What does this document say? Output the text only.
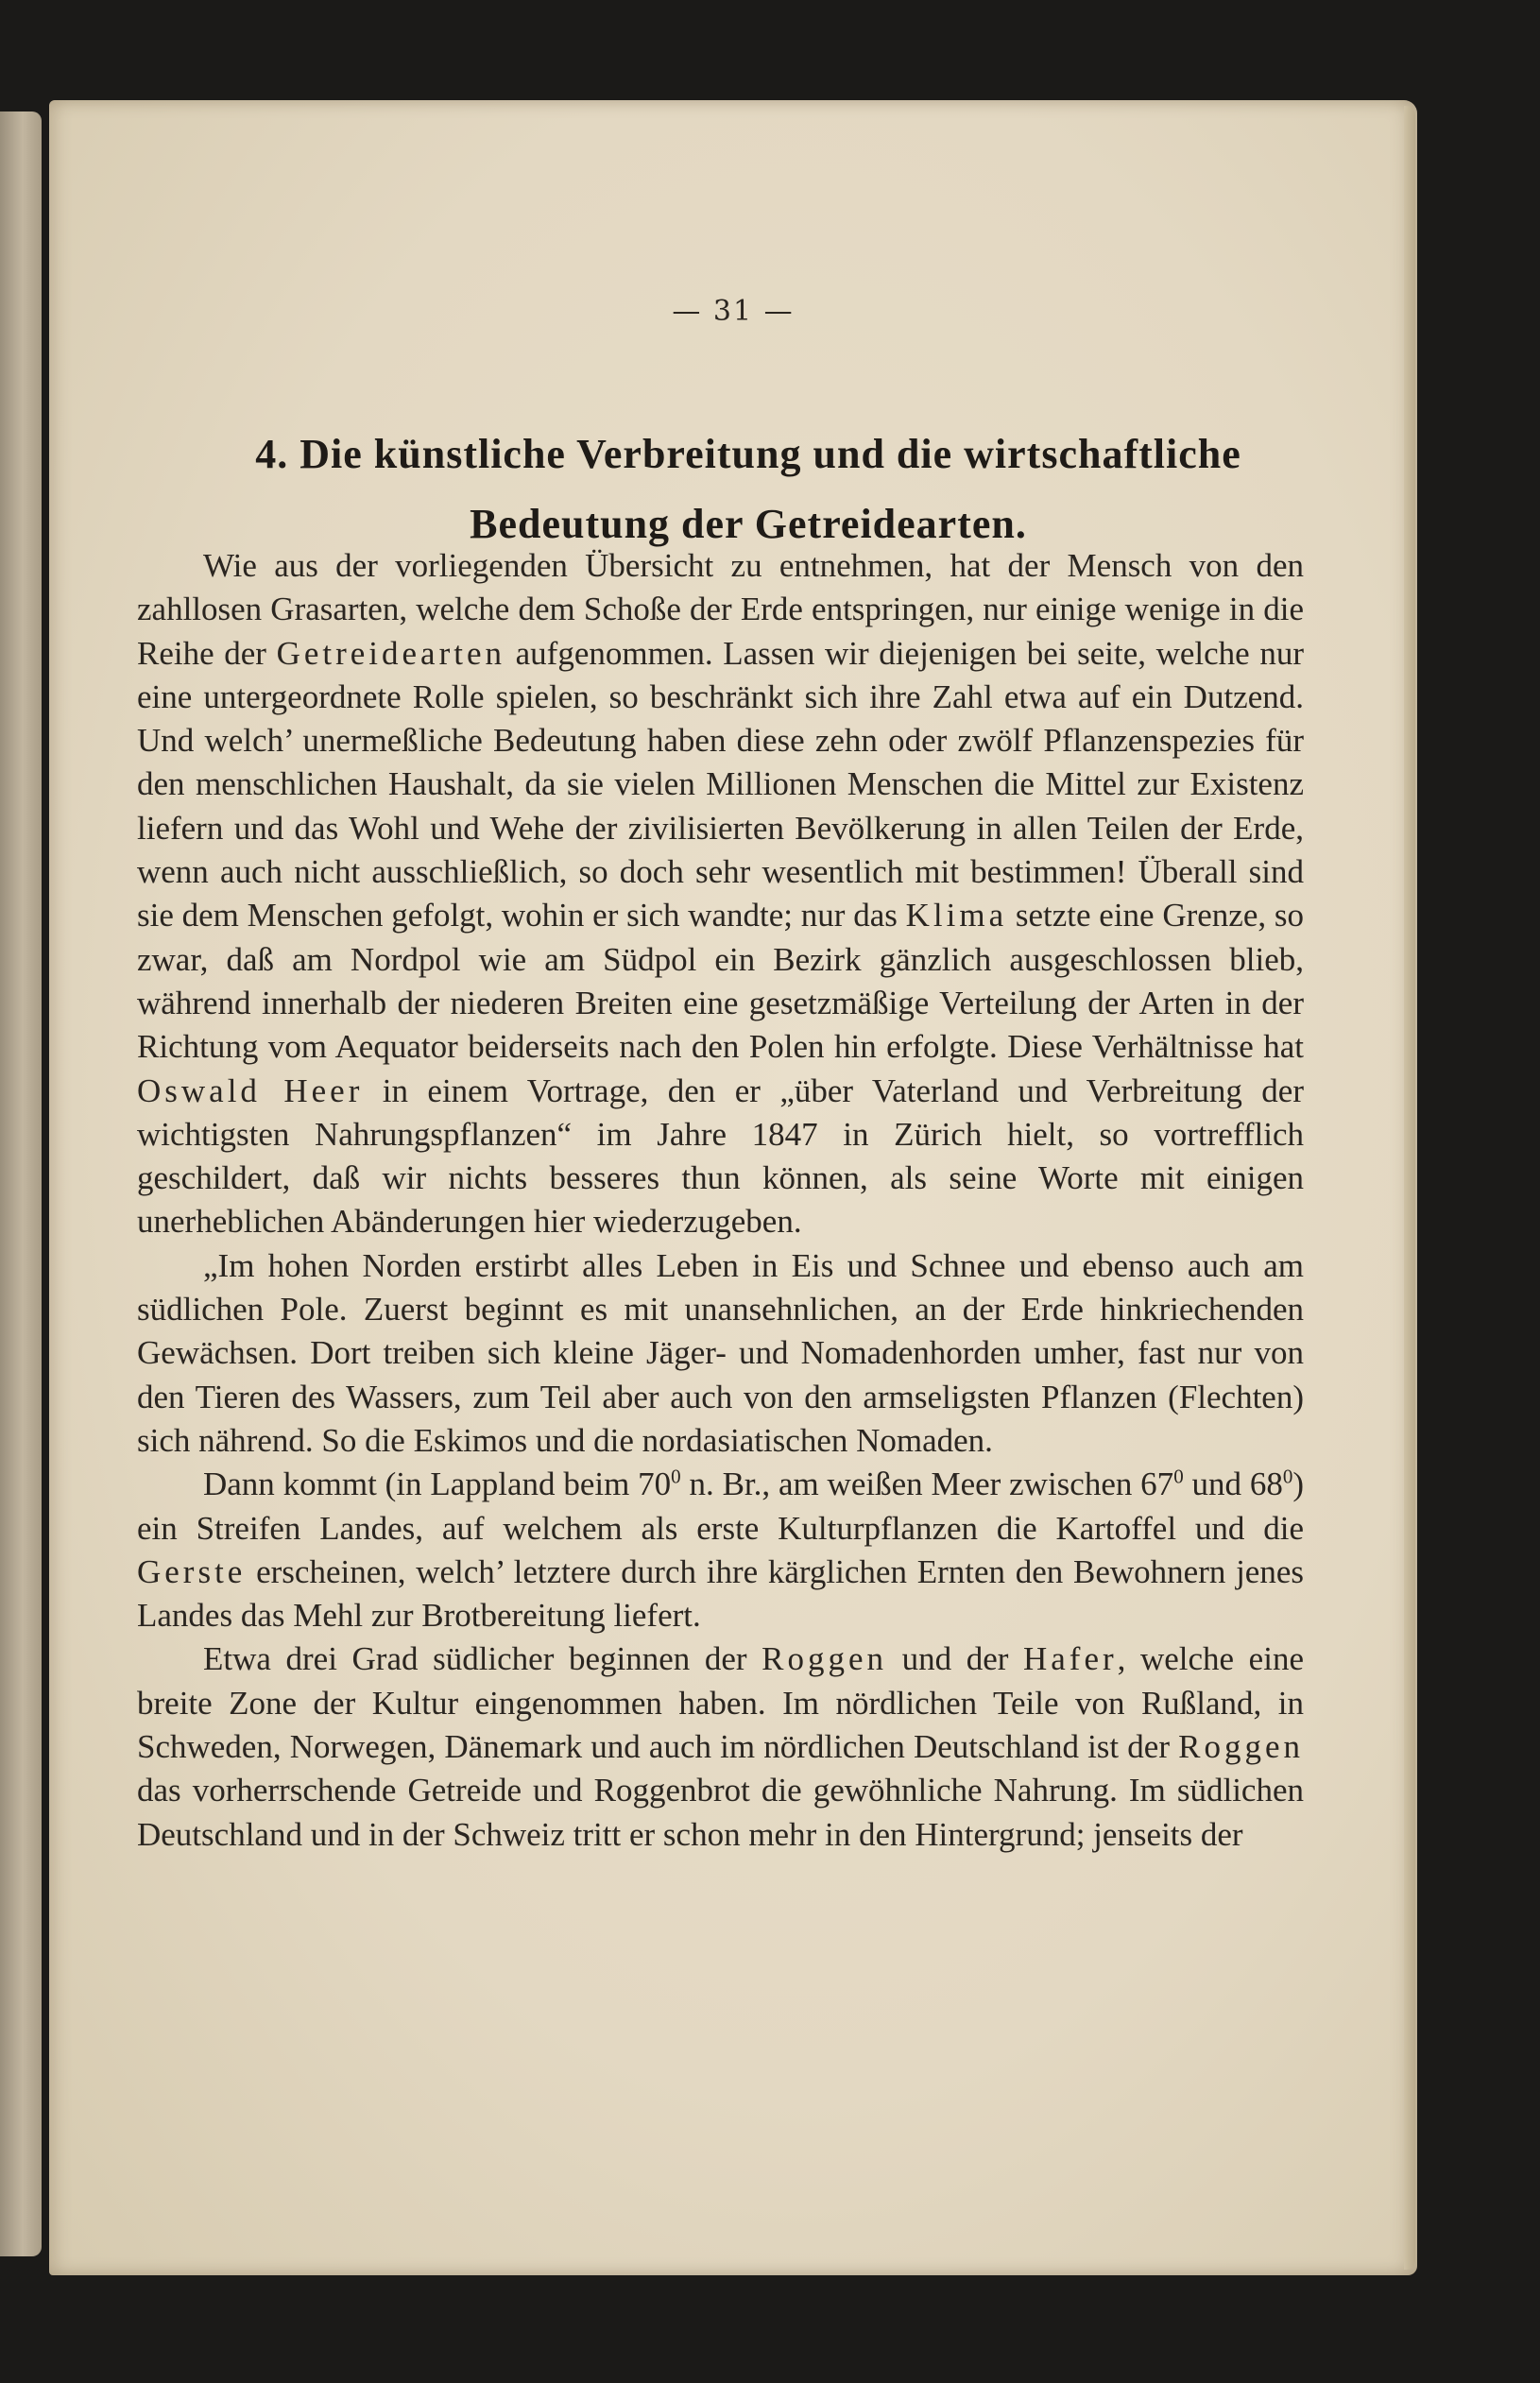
— 31 —
4. Die künstliche Verbreitung und die wirtschaftliche Bedeutung der Getreidearten.

Wie aus der vorliegenden Übersicht zu entnehmen, hat der Mensch von den zahllosen Grasarten, welche dem Schoße der Erde entspringen, nur einige wenige in die Reihe der Getreidearten aufgenommen. Lassen wir diejenigen bei seite, welche nur eine untergeordnete Rolle spielen, so beschränkt sich ihre Zahl etwa auf ein Dutzend. Und welch’ unermeßliche Bedeutung haben diese zehn oder zwölf Pflanzenspezies für den menschlichen Haushalt, da sie vielen Millionen Menschen die Mittel zur Existenz liefern und das Wohl und Wehe der zivilisierten Bevölkerung in allen Teilen der Erde, wenn auch nicht ausschließlich, so doch sehr wesentlich mit bestimmen! Überall sind sie dem Menschen gefolgt, wohin er sich wandte; nur das Klima setzte eine Grenze, so zwar, daß am Nordpol wie am Südpol ein Bezirk gänzlich ausgeschlossen blieb, während innerhalb der niederen Breiten eine gesetzmäßige Verteilung der Arten in der Richtung vom Aequator beiderseits nach den Polen hin erfolgte. Diese Verhältnisse hat Oswald Heer in einem Vortrage, den er „über Vaterland und Verbreitung der wichtigsten Nahrungspflanzen“ im Jahre 1847 in Zürich hielt, so vortrefflich geschildert, daß wir nichts besseres thun können, als seine Worte mit einigen unerheblichen Abänderungen hier wiederzugeben.

„Im hohen Norden erstirbt alles Leben in Eis und Schnee und ebenso auch am südlichen Pole. Zuerst beginnt es mit unansehnlichen, an der Erde hinkriechenden Gewächsen. Dort treiben sich kleine Jäger- und Nomadenhorden umher, fast nur von den Tieren des Wassers, zum Teil aber auch von den armseligsten Pflanzen (Flechten) sich nährend. So die Eskimos und die nordasiatischen Nomaden.

Dann kommt (in Lappland beim $70^0$ n. Br., am weißen Meer zwischen $67^0$ und $68^0$) ein Streifen Landes, auf welchem als erste Kulturpflanzen die Kartoffel und die Gerste erscheinen, welch’ letztere durch ihre kärglichen Ernten den Bewohnern jenes Landes das Mehl zur Brotbereitung liefert.

Etwa drei Grad südlicher beginnen der Roggen und der Hafer, welche eine breite Zone der Kultur eingenommen haben. Im nördlichen Teile von Rußland, in Schweden, Norwegen, Dänemark und auch im nördlichen Deutschland ist der Roggen das vorherrschende Getreide und Roggenbrot die gewöhnliche Nahrung. Im südlichen Deutschland und in der Schweiz tritt er schon mehr in den Hintergrund; jenseits der
